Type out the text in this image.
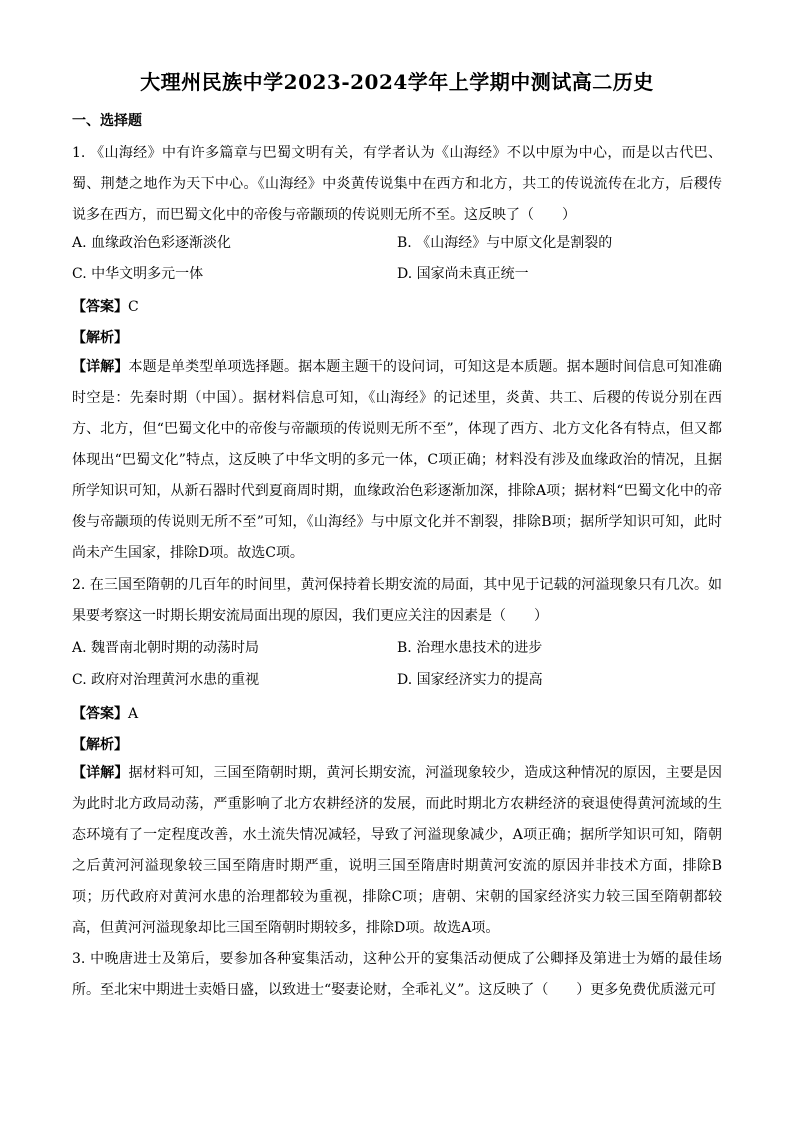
大理州民族中学2023-2024学年上学期中测试高二历史
一、选择题
1. 《山海经》中有许多篇章与巴蜀文明有关，有学者认为《山海经》不以中原为中心，而是以古代巴、蜀、荆楚之地作为天下中心。《山海经》中炎黄传说集中在西方和北方，共工的传说流传在北方，后稷传说多在西方，而巴蜀文化中的帝俊与帝颛顼的传说则无所不至。这反映了（　　）
A. 血缘政治色彩逐渐淡化	B. 《山海经》与中原文化是割裂的
C. 中华文明多元一体	D. 国家尚未真正统一
【答案】C
【解析】
【详解】本题是单类型单项选择题。据本题主题干的设问词，可知这是本质题。据本题时间信息可知准确时空是：先秦时期（中国）。据材料信息可知，《山海经》的记述里，炎黄、共工、后稷的传说分别在西方、北方，但“巴蜀文化中的帝俊与帝颛顼的传说则无所不至”，体现了西方、北方文化各有特点，但又都体现出“巴蜀文化”特点，这反映了中华文明的多元一体，C项正确；材料没有涉及血缘政治的情况，且据所学知识可知，从新石器时代到夏商周时期，血缘政治色彩逐渐加深，排除A项；据材料“巴蜀文化中的帝俊与帝颛顼的传说则无所不至”可知，《山海经》与中原文化并不割裂，排除B项；据所学知识可知，此时尚未产生国家，排除D项。故选C项。
2. 在三国至隋朝的几百年的时间里，黄河保持着长期安流的局面，其中见于记载的河溢现象只有几次。如果要考察这一时期长期安流局面出现的原因，我们更应关注的因素是（　　）
A. 魏晋南北朝时期的动荡时局	B. 治理水患技术的进步
C. 政府对治理黄河水患的重视	D. 国家经济实力的提高
【答案】A
【解析】
【详解】据材料可知，三国至隋朝时期，黄河长期安流，河溢现象较少，造成这种情况的原因，主要是因为此时北方政局动荡，严重影响了北方农耕经济的发展，而此时期北方农耕经济的衰退使得黄河流域的生态环境有了一定程度改善，水土流失情况减轻，导致了河溢现象减少，A项正确；据所学知识可知，隋朝之后黄河河溢现象较三国至隋唐时期严重，说明三国至隋唐时期黄河安流的原因并非技术方面，排除B项；历代政府对黄河水患的治理都较为重视，排除C项；唐朝、宋朝的国家经济实力较三国至隋朝都较高，但黄河河溢现象却比三国至隋朝时期较多，排除D项。故选A项。
3. 中晚唐进士及第后，要参加各种宴集活动，这种公开的宴集活动便成了公卿择及第进士为婿的最佳场所。至北宋中期进士卖婚日盛，以致进士“娶妻论财，全乖礼义”。这反映了（　　）更多免费优质滋元可
